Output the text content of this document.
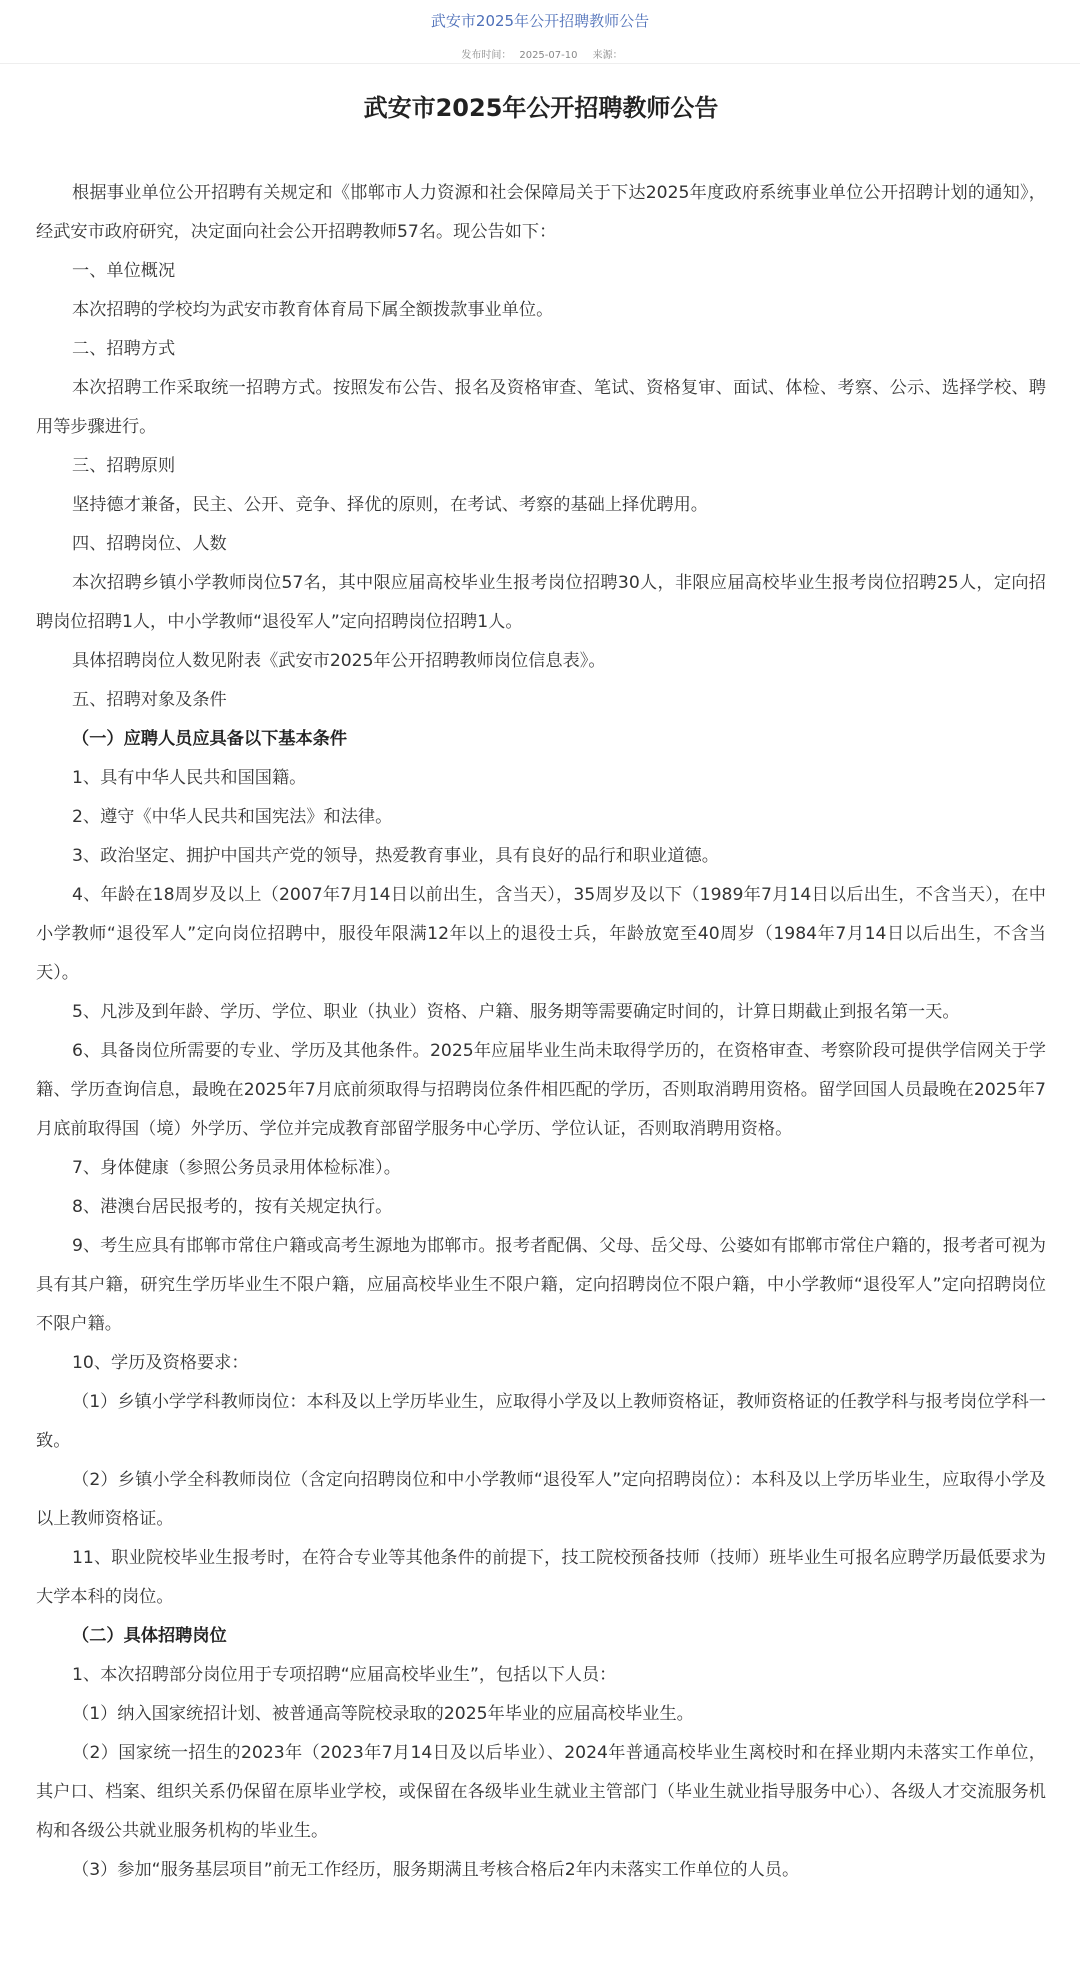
武安市2025年公开招聘教师公告
发布时间： 2025-07-10 来源：
武安市2025年公开招聘教师公告

根据事业单位公开招聘有关规定和《邯郸市人力资源和社会保障局关于下达2025年度政府系统事业单位公开招聘计划的通知》，经武安市政府研究，决定面向社会公开招聘教师57名。现公告如下：

一、单位概况

本次招聘的学校均为武安市教育体育局下属全额拨款事业单位。

二、招聘方式

本次招聘工作采取统一招聘方式。按照发布公告、报名及资格审查、笔试、资格复审、面试、体检、考察、公示、选择学校、聘用等步骤进行。

三、招聘原则

坚持德才兼备，民主、公开、竞争、择优的原则，在考试、考察的基础上择优聘用。

四、招聘岗位、人数

本次招聘乡镇小学教师岗位57名，其中限应届高校毕业生报考岗位招聘30人，非限应届高校毕业生报考岗位招聘25人，定向招聘岗位招聘1人，中小学教师“退役军人”定向招聘岗位招聘1人。

具体招聘岗位人数见附表《武安市2025年公开招聘教师岗位信息表》。

五、招聘对象及条件

（一）应聘人员应具备以下基本条件

1、具有中华人民共和国国籍。

2、遵守《中华人民共和国宪法》和法律。

3、政治坚定、拥护中国共产党的领导，热爱教育事业，具有良好的品行和职业道德。

4、年龄在18周岁及以上（2007年7月14日以前出生，含当天），35周岁及以下（1989年7月14日以后出生，不含当天），在中小学教师“退役军人”定向岗位招聘中，服役年限满12年以上的退役士兵，年龄放宽至40周岁（1984年7月14日以后出生，不含当天）。

5、凡涉及到年龄、学历、学位、职业（执业）资格、户籍、服务期等需要确定时间的，计算日期截止到报名第一天。

6、具备岗位所需要的专业、学历及其他条件。2025年应届毕业生尚未取得学历的，在资格审查、考察阶段可提供学信网关于学籍、学历查询信息，最晚在2025年7月底前须取得与招聘岗位条件相匹配的学历，否则取消聘用资格。留学回国人员最晚在2025年7月底前取得国（境）外学历、学位并完成教育部留学服务中心学历、学位认证，否则取消聘用资格。

7、身体健康（参照公务员录用体检标准）。

8、港澳台居民报考的，按有关规定执行。

9、考生应具有邯郸市常住户籍或高考生源地为邯郸市。报考者配偶、父母、岳父母、公婆如有邯郸市常住户籍的，报考者可视为具有其户籍，研究生学历毕业生不限户籍，应届高校毕业生不限户籍，定向招聘岗位不限户籍，中小学教师“退役军人”定向招聘岗位不限户籍。

10、学历及资格要求：

（1）乡镇小学学科教师岗位：本科及以上学历毕业生，应取得小学及以上教师资格证，教师资格证的任教学科与报考岗位学科一致。

（2）乡镇小学全科教师岗位（含定向招聘岗位和中小学教师“退役军人”定向招聘岗位）：本科及以上学历毕业生，应取得小学及以上教师资格证。

11、职业院校毕业生报考时，在符合专业等其他条件的前提下，技工院校预备技师（技师）班毕业生可报名应聘学历最低要求为大学本科的岗位。

（二）具体招聘岗位

1、本次招聘部分岗位用于专项招聘“应届高校毕业生”，包括以下人员：

（1）纳入国家统招计划、被普通高等院校录取的2025年毕业的应届高校毕业生。

（2）国家统一招生的2023年（2023年7月14日及以后毕业）、2024年普通高校毕业生离校时和在择业期内未落实工作单位，其户口、档案、组织关系仍保留在原毕业学校，或保留在各级毕业生就业主管部门（毕业生就业指导服务中心）、各级人才交流服务机构和各级公共就业服务机构的毕业生。

（3）参加“服务基层项目”前无工作经历，服务期满且考核合格后2年内未落实工作单位的人员。
